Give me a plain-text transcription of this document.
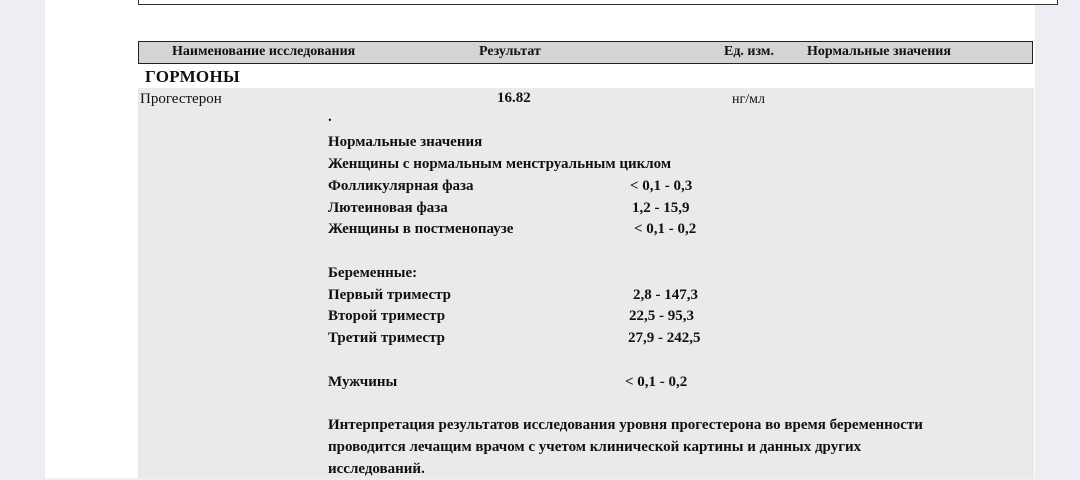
Наименование исследования	Результат	Ед. изм. Нормальные значения
ГОРМОНЫ
Прогестерон	16.82	нг/мл
.
Нормальные значения
Женщины с нормальным менструальным циклом
Фолликулярная фаза	< 0,1 - 0,3
Лютеиновая фаза	1,2 - 15,9
Женщины в постменопаузе	< 0,1 - 0,2
Беременные:
Первый триместр	2,8 - 147,3
Второй триместр	22,5 - 95,3
Третий триместр	27,9 - 242,5
Мужчины	< 0,1 - 0,2
Интерпретация результатов исследования уровня прогестерона во время беременности проводится лечащим врачом с учетом клинической картины и данных других исследований.
